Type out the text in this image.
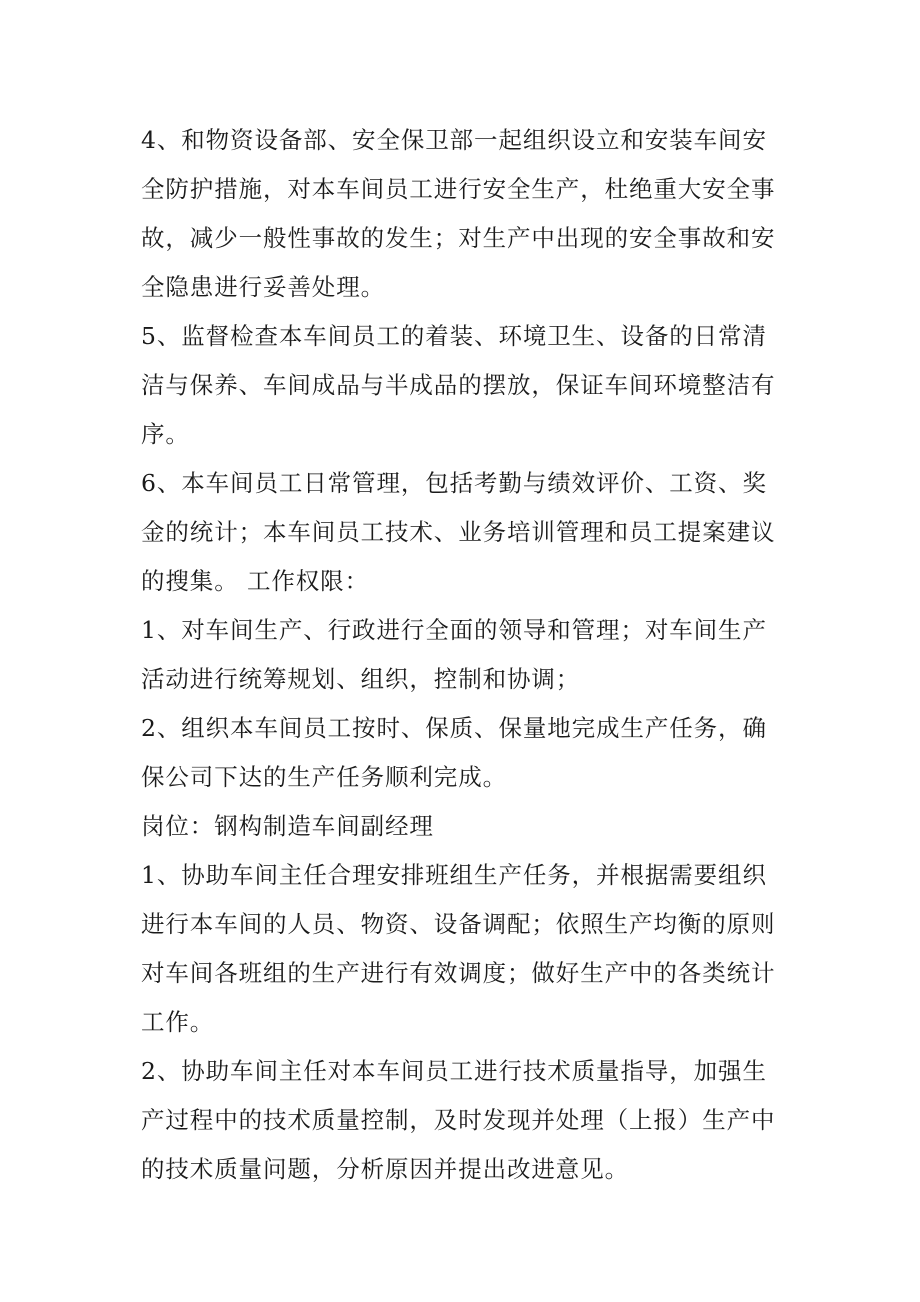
4、和物资设备部、安全保卫部一起组织设立和安装车间安
全防护措施，对本车间员工进行安全生产，杜绝重大安全事
故，减少一般性事故的发生；对生产中出现的安全事故和安
全隐患进行妥善处理。
5、监督检查本车间员工的着装、环境卫生、设备的日常清
洁与保养、车间成品与半成品的摆放，保证车间环境整洁有
序。
6、本车间员工日常管理，包括考勤与绩效评价、工资、奖
金的统计；本车间员工技术、业务培训管理和员工提案建议
的搜集。 工作权限：
1、对车间生产、行政进行全面的领导和管理；对车间生产
活动进行统筹规划、组织，控制和协调；
2、组织本车间员工按时、保质、保量地完成生产任务，确
保公司下达的生产任务顺利完成。
岗位：钢构制造车间副经理
1、协助车间主任合理安排班组生产任务，并根据需要组织
进行本车间的人员、物资、设备调配；依照生产均衡的原则
对车间各班组的生产进行有效调度；做好生产中的各类统计
工作。
2、协助车间主任对本车间员工进行技术质量指导，加强生
产过程中的技术质量控制，及时发现并处理（上报）生产中
的技术质量问题，分析原因并提出改进意见。
